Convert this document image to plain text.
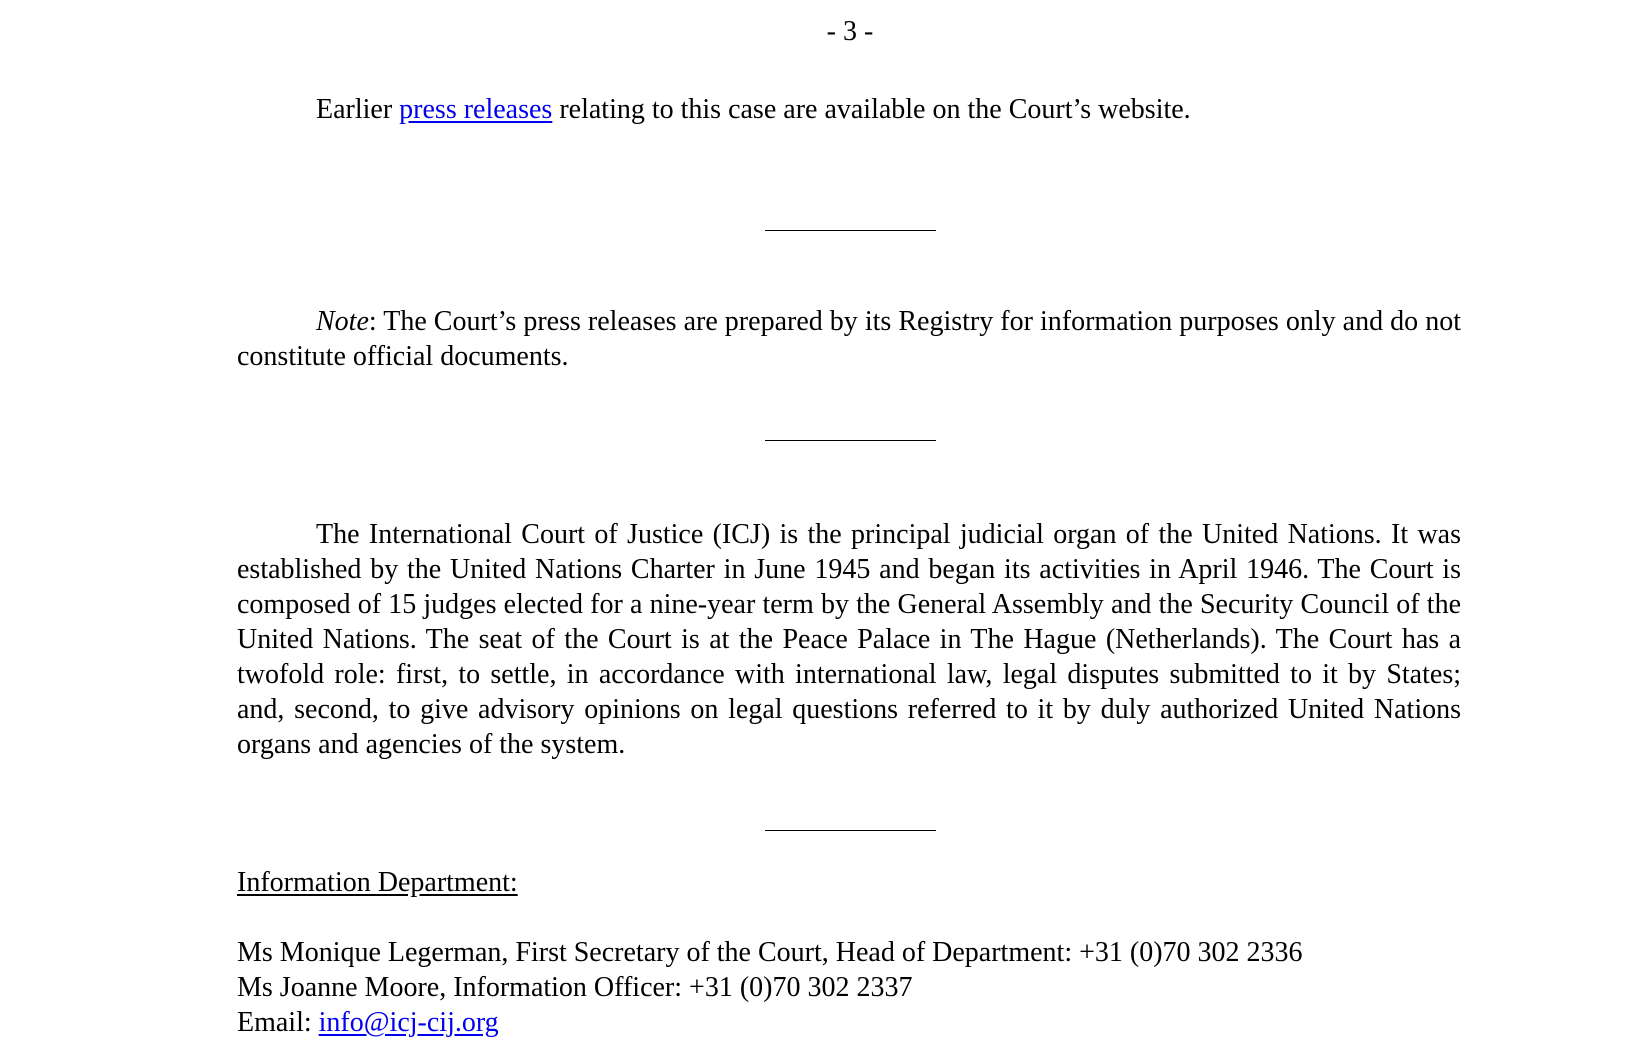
- 3 -

Earlier press releases relating to this case are available on the Court’s website.

Note: The Court’s press releases are prepared by its Registry for information purposes only and do not constitute official documents.

The International Court of Justice (ICJ) is the principal judicial organ of the United Nations. It was established by the United Nations Charter in June 1945 and began its activities in April 1946. The Court is composed of 15 judges elected for a nine-year term by the General Assembly and the Security Council of the United Nations. The seat of the Court is at the Peace Palace in The Hague (Netherlands). The Court has a twofold role: first, to settle, in accordance with international law, legal disputes submitted to it by States; and, second, to give advisory opinions on legal questions referred to it by duly authorized United Nations organs and agencies of the system.

Information Department:

Ms Monique Legerman, First Secretary of the Court, Head of Department: +31 (0)70 302 2336

Ms Joanne Moore, Information Officer: +31 (0)70 302 2337

Email: info@icj-cij.org
